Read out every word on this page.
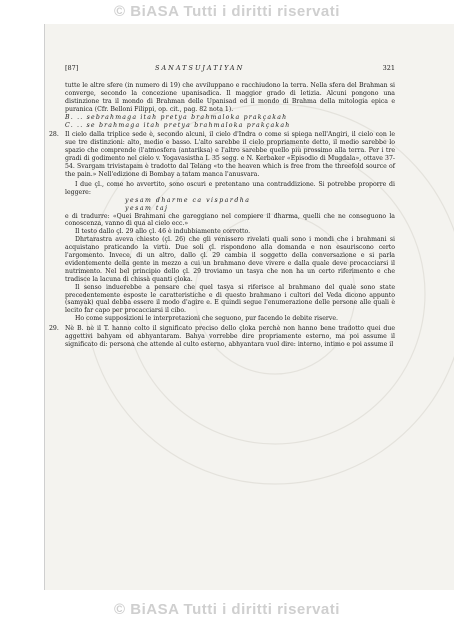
© BiASA Tutti i diritti riservati
[87]	SANATSUJATIYAN	321

tutte le altre sfere (in numero di 19) che avviluppano e racchiudono la terra. Nella sfera del Brahman si converge, secondo la concezione upanisadica. Il maggior grado di letizia. Alcuni pongono una distinzione tra il mondo di Brahman delle Upanisad ed il mondo di Brahma della mitologia epica e puranica (Cfr. Belloni Filippi, op. cit., pag. 82 nota 1).

B. .. sebrahmaga itah pretya brahmaloka prakçakah

C. .. se brahmaga itah pretya brahmaloka prakçakah

28. Il cielo dalla triplice sede è, secondo alcuni, il cielo d'Indra o come si spiega nell'Angiri, il cielo con le sue tre distinzioni: alto, medio e basso. L'alto sarebbe il cielo propriamente detto, il medio sarebbe lo spazio che comprende (l'atmosfera (antariksa) e l'altro sarebbe quello più prossimo alla terra. Per i tre gradi di godimento nel cielo v. Yogavasistha I. 35 segg. e N. Kerbaker «Episodio di Mugdala», ottave 37-54. Svargam trivistapam è tradotto dal Telang «to the heaven which is free from the threefold source of the pain.» Nell'edizione di Bombay a tatam manca l'anusvara.

I due çl., come ho avvertito, sono oscuri e pretentano una contraddizione. Si potrebbe proporre di leggere:

yesam dharme ca vispardha

yesam taj

e di tradurre: «Quei Brahmani che gareggiano nel compiere il dharma, quelli che ne conseguono la conoscenza, vanno di qua al cielo ecc.»

Il testo dallo çl. 29 allo çl. 46 è indubbiamente corrotto.

Dhrtarastra aveva chiesto (çl. 26) che gli venissero rivelati quali sono i mondi che i brahmani si acquistano praticando la virtù. Due soli çl. rispondono alla domanda e non esauriscono certo l'argomento. Invece, di un altro, dallo çl. 29 cambia il soggetto della conversazione e si parla evidentemente della gente in mezzo a cui un brahmano deve vivere e dalla quale deve procacciarsi il nutrimento. Nel bel principio dello çl. 29 troviamo un tasya che non ha un certo riferimento e che tradisce la lacuna di chissà quanti çloka.

Il senso induerebbe a pensare che quel tasya si riferisce al brahmano del quale sono state precedentemente esposte le caratteristiche e di questo brahmano i cultori del Veda dicono appunto (samyak) qual debba essere il modo d'agire e. E quindi segue l'enumerazione delle persone alle quali è lecito far capo per procacciarsi il cibo.

Ho come supposizioni le interpretazioni che seguono, pur facendo le debite riserve.

29. Nè B. nè il T. hanno colto il significato preciso dello çloka perchè non hanno bene tradotto quei due aggettivi bahyam ed abhyantaram. Bahya vorrebbe dire propriamente esterno, ma poi assume il significato di: persona che attende al culto esterno, abhyantara vuol dire: interno, intimo e poi assume il

© BiASA Tutti i diritti riservati
